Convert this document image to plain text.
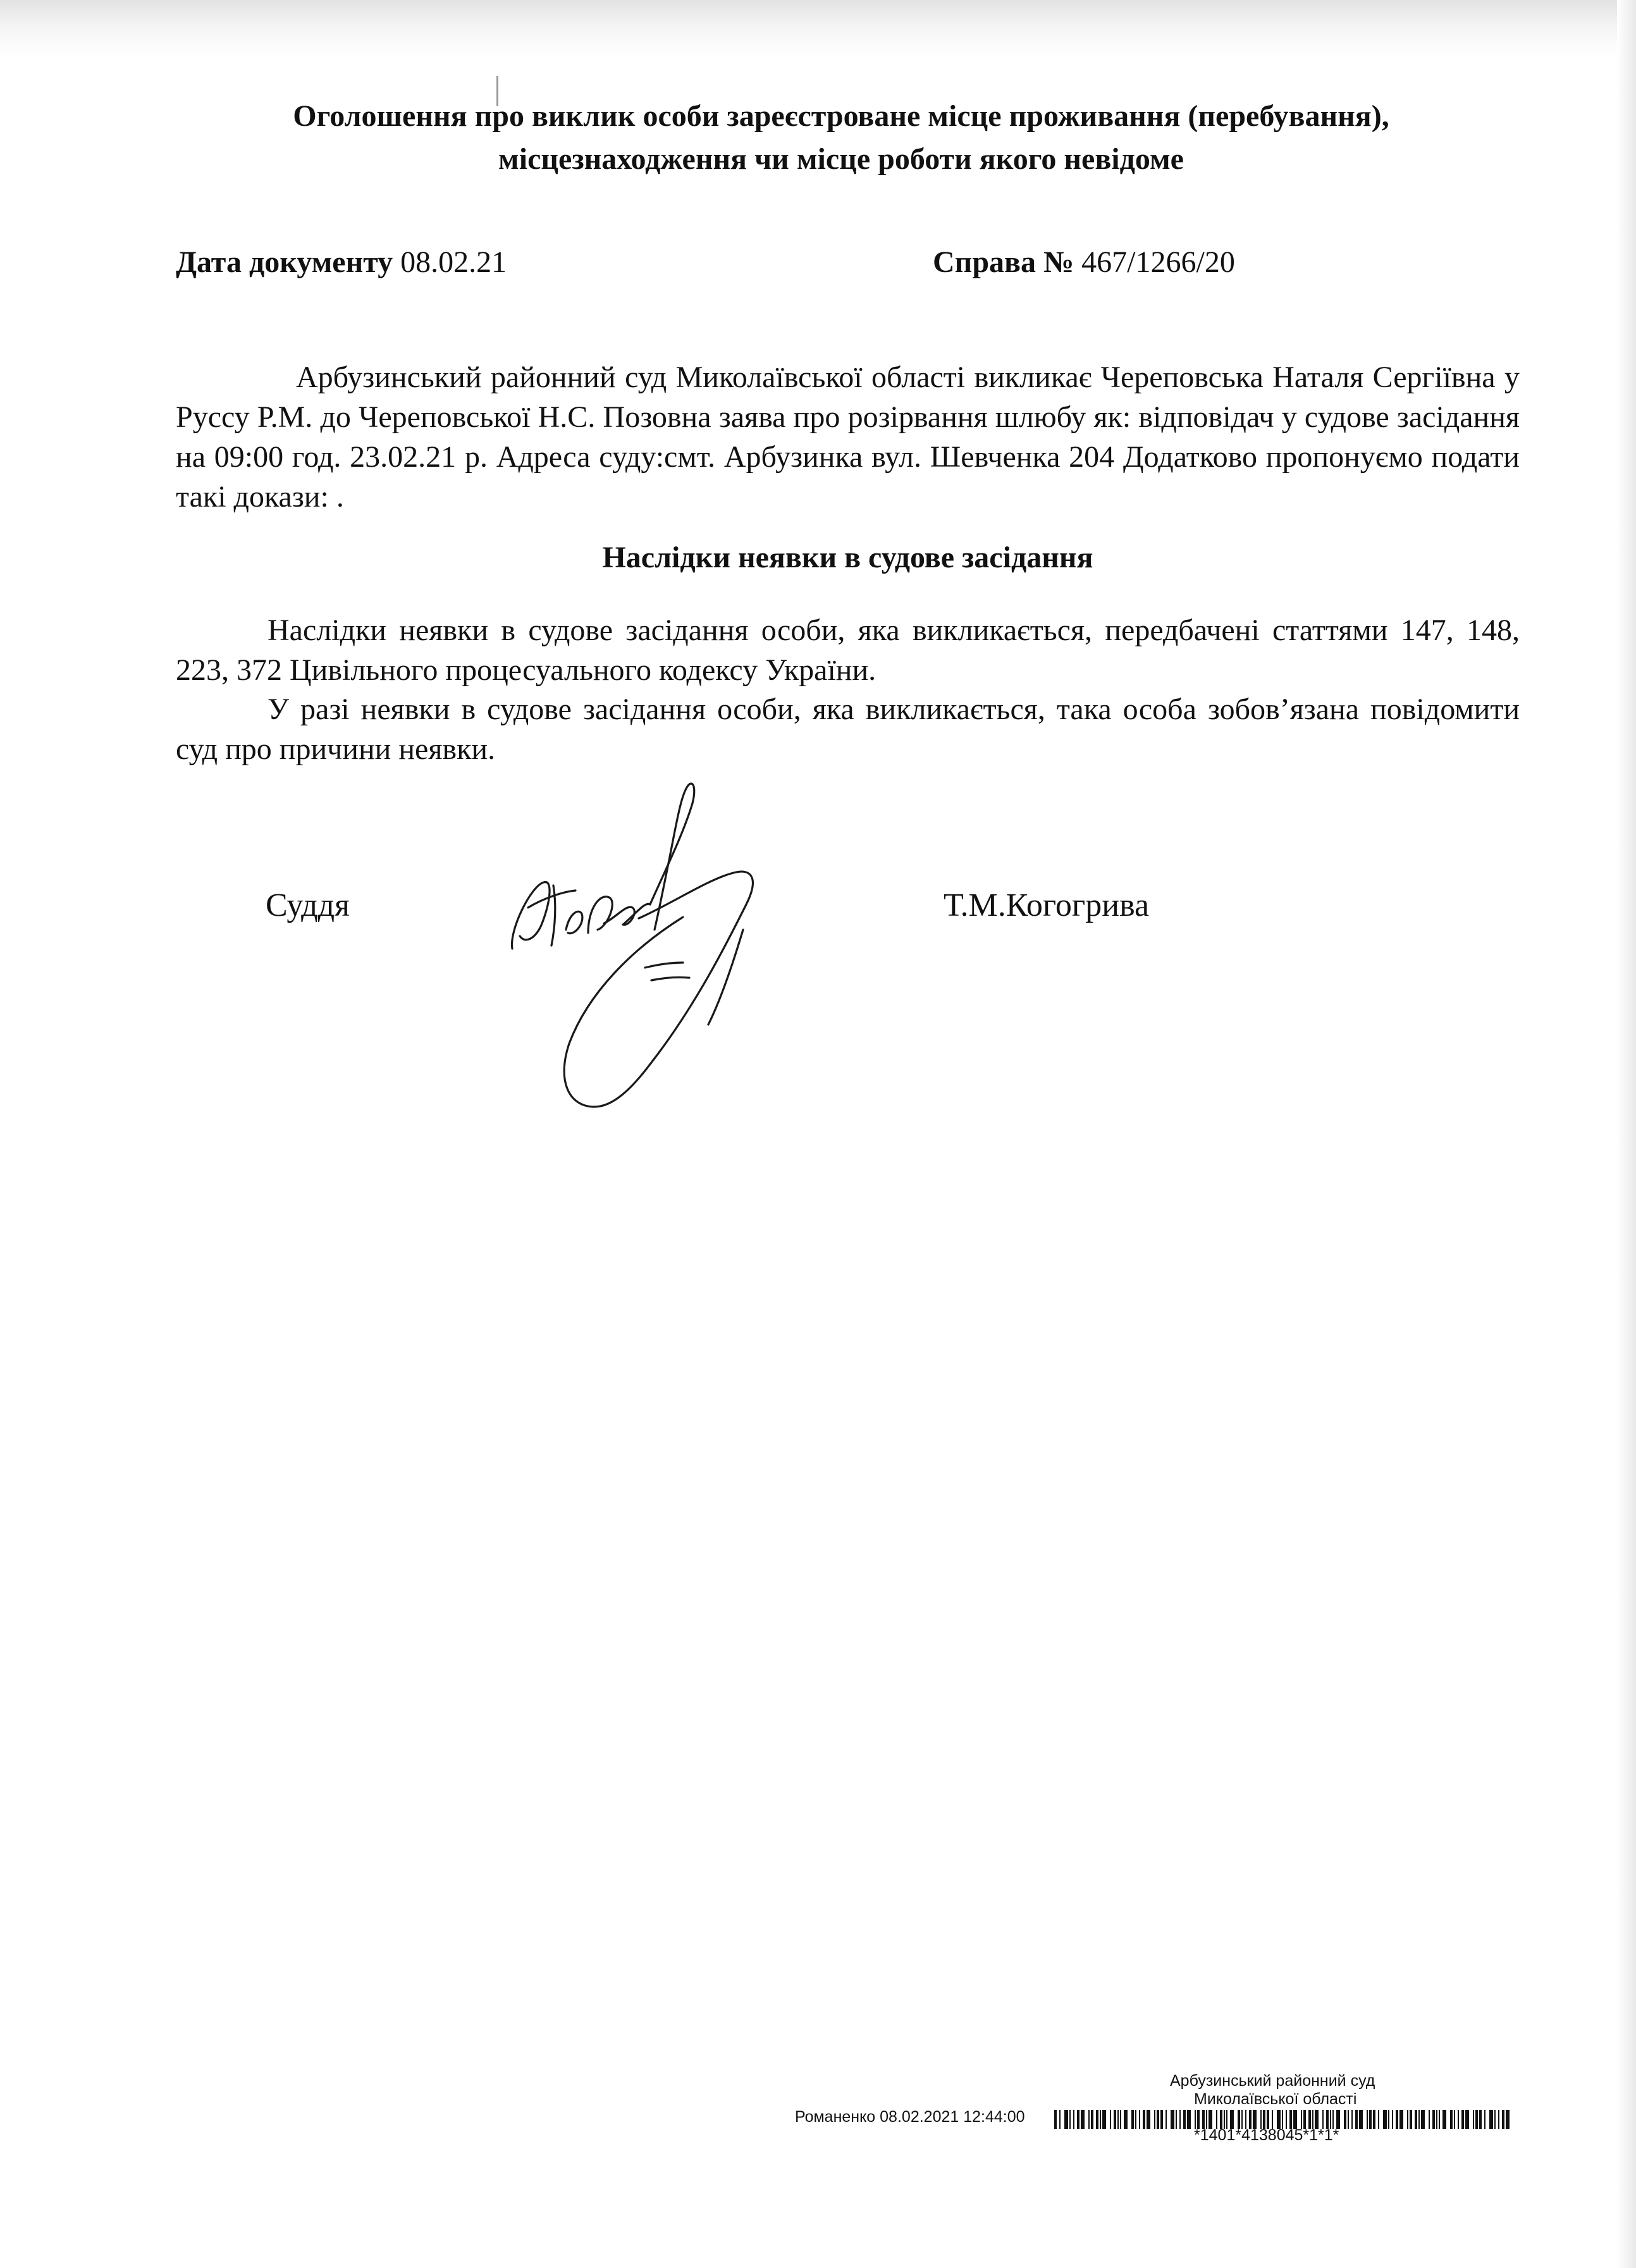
Оголошення про виклик особи зареєстроване місце проживання (перебування),
місцезнаходження чи місце роботи якого невідоме
Дата документу 08.02.21	Справа № 467/1266/20
Арбузинський районний суд Миколаївської області викликає Череповська Наталя Сергіївна у Руссу Р.М. до Череповської Н.С. Позовна заява про розірвання шлюбу як: відповідач у судове засідання на 09:00 год. 23.02.21 р. Адреса суду:смт. Арбузинка вул. Шевченка 204 Додатково пропонуємо подати такі докази: .
Наслідки неявки в судове засідання
Наслідки неявки в судове засідання особи, яка викликається, передбачені статтями 147, 148, 223, 372 Цивільного процесуального кодексу України.
У разі неявки в судове засідання особи, яка викликається, така особа зобов’язана повідомити суд про причини неявки.
Суддя	Т.М.Когогрива
Арбузинський районний суд
Миколаївської області
Романенко 08.02.2021 12:44:00
*1401*4138045*1*1*
